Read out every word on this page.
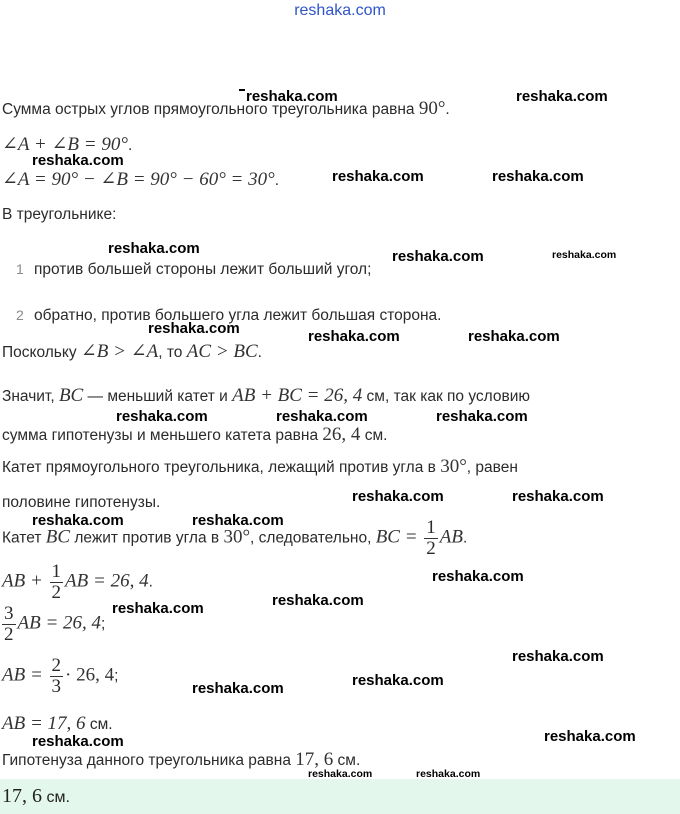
reshaka.com
Сумма острых углов прямоугольного треугольника равна 90°.
∠A + ∠B = 90°.
∠A = 90° − ∠B = 90° − 60° = 30°.
В треугольнике:
1 против большей стороны лежит больший угол;
2 обратно, против большего угла лежит большая сторона.
Поскольку ∠B > ∠A, то AC > BC.
Значит, BC — меньший катет и AB + BC = 26, 4 см, так как по условию
сумма гипотенузы и меньшего катета равна 26, 4 см.
Катет прямоугольного треугольника, лежащий против угла в 30°, равен
половине гипотенузы.
Катет BC лежит против угла в 30°, следовательно, BC = $\frac{1}{2}$ AB.
AB + $\frac{1}{2}$ AB = 26, 4.
$\frac{3}{2}$ AB = 26, 4;
AB = $\frac{2}{3} \cdot 26$, 4;
AB = 17, 6 см.
Гипотенуза данного треугольника равна 17, 6 см.
17, 6 см.
reshaka.com	reshaka.com
reshaka.com
reshaka.com	reshaka.com
reshaka.com	reshaka.com	reshaka.com
reshaka.com	reshaka.com	reshaka.com
reshaka.com	reshaka.com	reshaka.com
reshaka.com	reshaka.com
reshaka.com	reshaka.com
reshaka.com
reshaka.com
reshaka.com
reshaka.com
reshaka.com
reshaka.com
reshaka.com
reshaka.com
reshaka.com	reshaka.com
